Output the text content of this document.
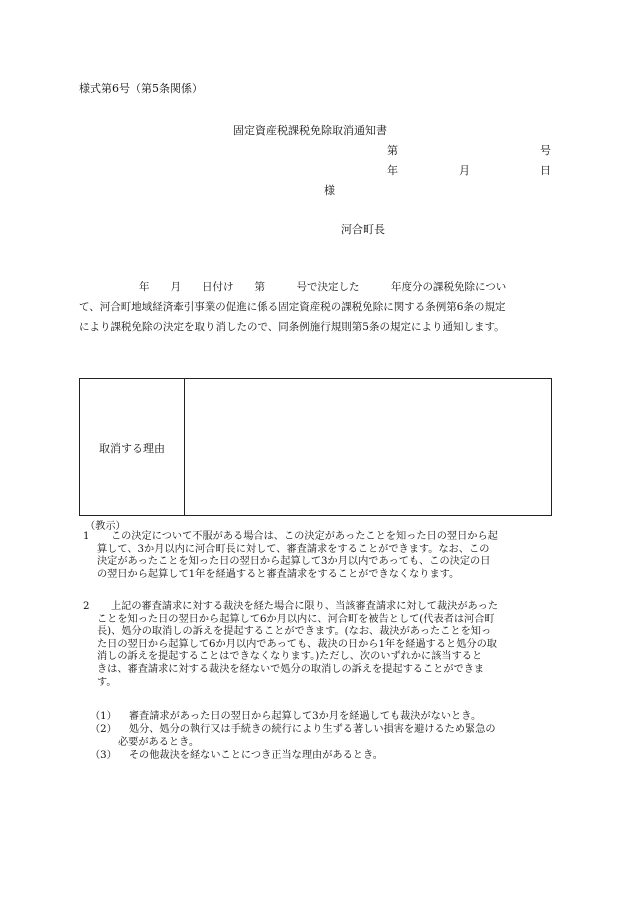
様式第6号（第5条関係）
固定資産税課税免除取消通知書
第	号
年	月	日
様
河合町長
年　　月　　日付け　　第　　　号で決定した　　　年度分の課税免除につい
て、河合町地域経済牽引事業の促進に係る固定資産税の課税免除に関する条例第6条の規定
により課税免除の決定を取り消したので、同条例施行規則第5条の規定により通知します。
取消する理由
（教示）
1	この決定について不服がある場合は、この決定があったことを知った日の翌日から起
算して、3か月以内に河合町長に対して、審査請求をすることができます。なお、この
決定があったことを知った日の翌日から起算して3か月以内であっても、この決定の日
の翌日から起算して1年を経過すると審査請求をすることができなくなります。
2	上記の審査請求に対する裁決を経た場合に限り、当該審査請求に対して裁決があった
ことを知った日の翌日から起算して6か月以内に、河合町を被告として(代表者は河合町
長)、処分の取消しの訴えを提起することができます。(なお、裁決があったことを知っ
た日の翌日から起算して6か月以内であっても、裁決の日から1年を経過すると処分の取
消しの訴えを提起することはできなくなります。)ただし、次のいずれかに該当すると
きは、審査請求に対する裁決を経ないで処分の取消しの訴えを提起することができま
す。
（1） 審査請求があった日の翌日から起算して3か月を経過しても裁決がないとき。
（2） 処分、処分の執行又は手続きの続行により生ずる著しい損害を避けるため緊急の
必要があるとき。
（3） その他裁決を経ないことにつき正当な理由があるとき。
